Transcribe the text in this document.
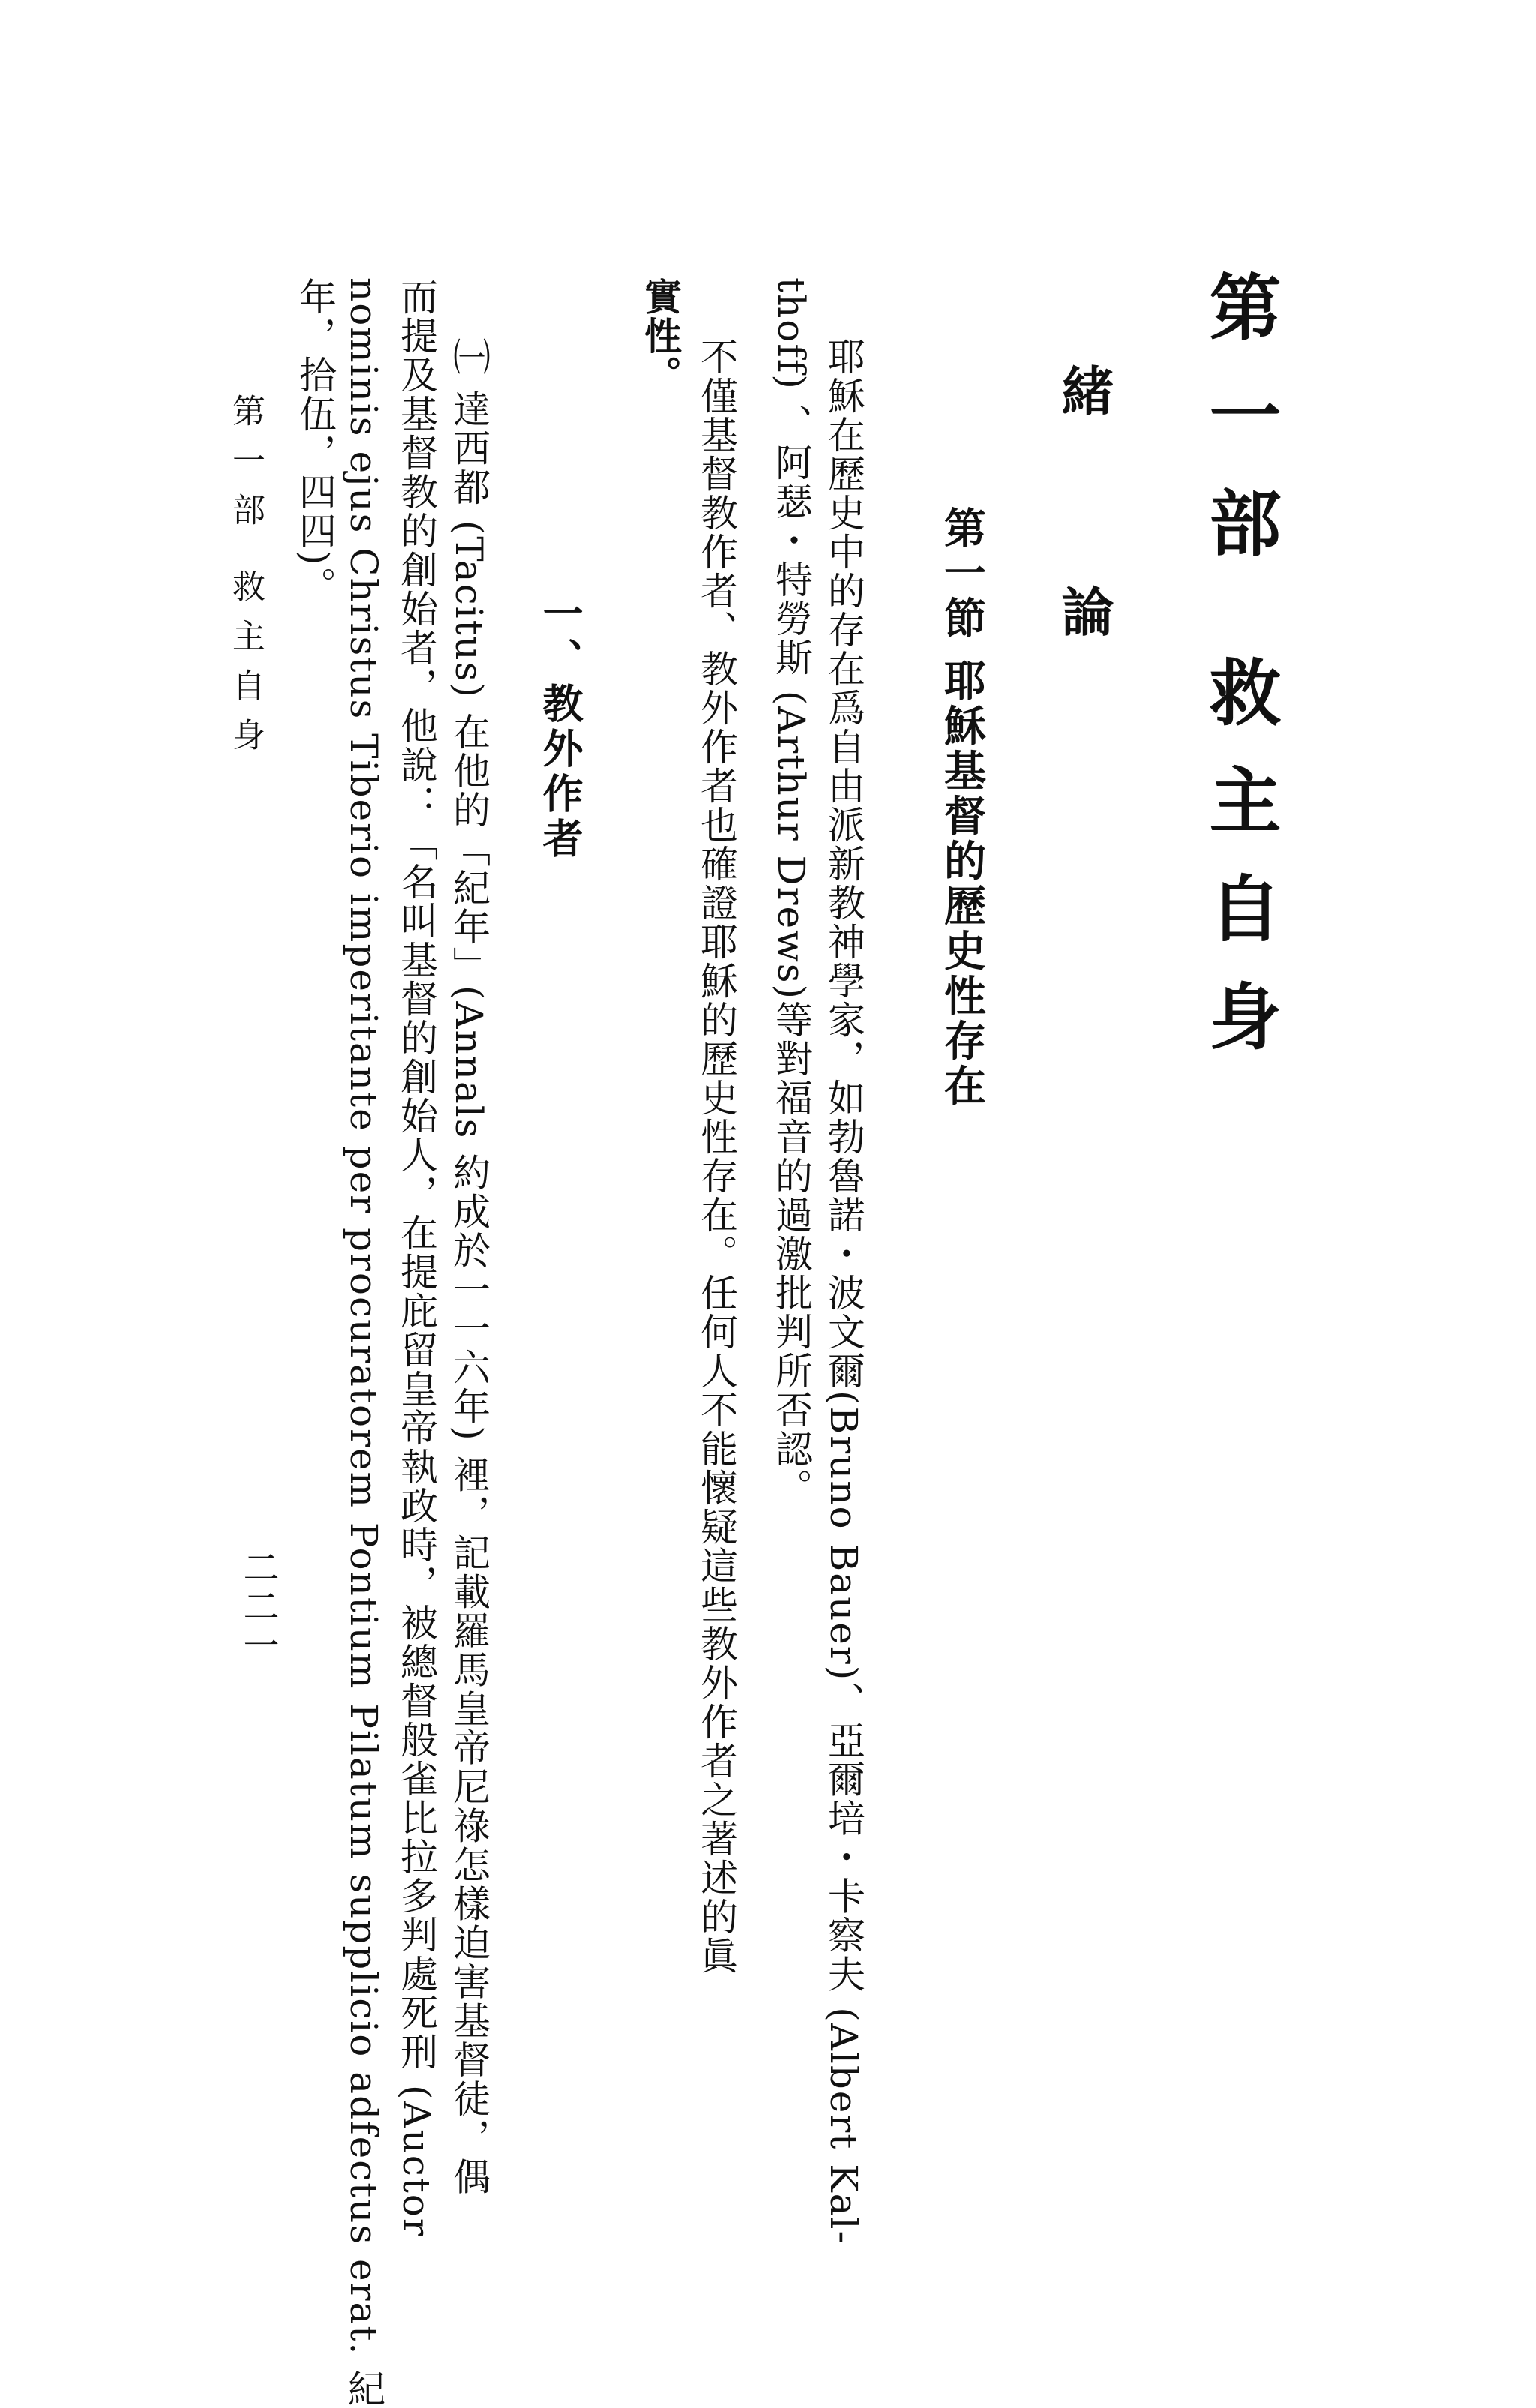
第一部 救主自身
緒 論
第一節 耶穌基督的歷史性存在
耶穌在歷史中的存在爲自由派新教神學家，如勃魯諾・波文爾(Bruno Bauer)、亞爾培・卡察夫 (Albert Kal-
thoff) 、阿瑟・特勞斯 (Arthur Drews)等對福音的過激批判所否認。
不僅基督教作者、教外作者也確證耶穌的歷史性存在。任何人不能懷疑這些教外作者之著述的眞
實性。
一、教外作者
㈠ 達西都 (Tacitus) 在他的「紀年」(Annals 約成於一一六年) 裡，記載羅馬皇帝尼祿怎樣迫害基督徒，偶
而提及基督教的創始者，他說：「名叫基督的創始人，在提庇留皇帝執政時，被總督般雀比拉多判處死刑 (Auctor
nominis ejus Christus Tiberio imperitante per procuratorem Pontium Pilatum supplicio adfectus erat. 紀
年，拾伍，四四)。
第一部 救主自身
二二一
